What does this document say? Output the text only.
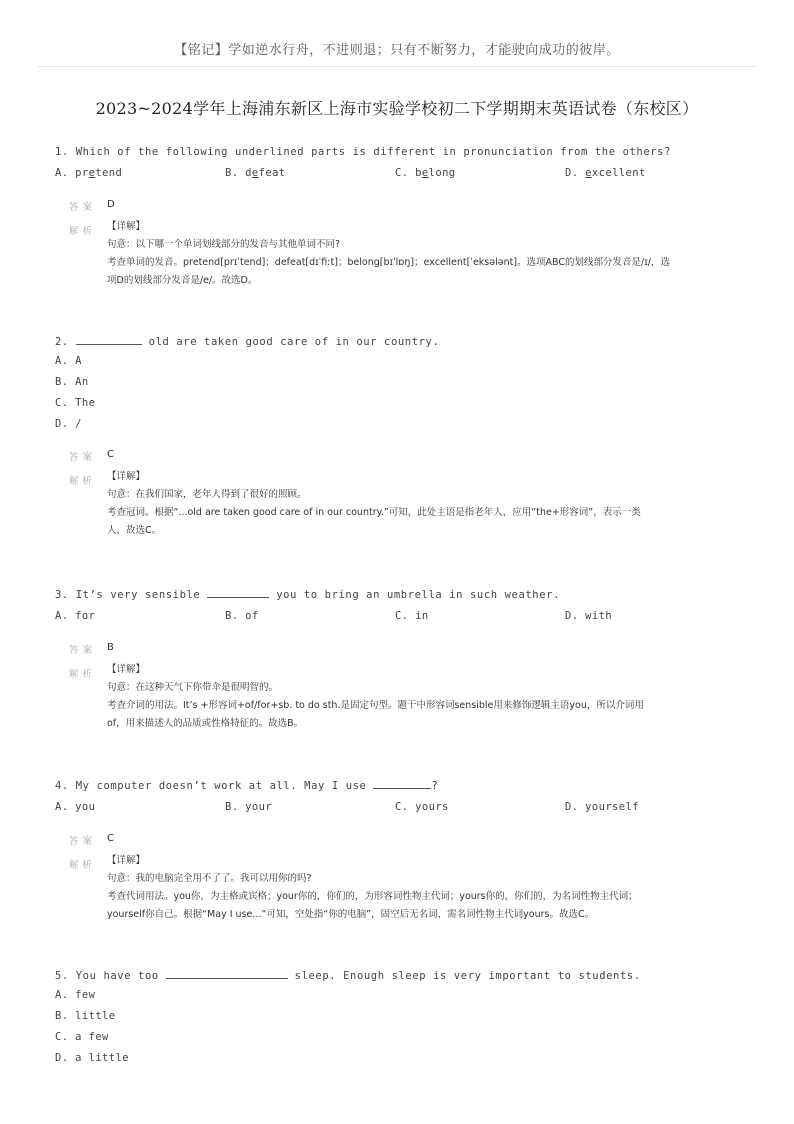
【铭记】学如逆水行舟，不进则退；只有不断努力，才能驶向成功的彼岸。
2023~2024学年上海浦东新区上海市实验学校初二下学期期末英语试卷（东校区）
1. Which of the following underlined parts is different in pronunciation from the others?
A. pretend	B. defeat	C. belong	D. excellent
答案 D
解析 【详解】
句意：以下哪一个单词划线部分的发音与其他单词不同?
考查单词的发音。pretend[prɪˈtend]；defeat[dɪˈfiːt]；belong[bɪˈlɒŋ]；excellent[ˈeksələnt]。选项ABC的划线部分发音是/ɪ/，选
项D的划线部分发音是/e/。故选D。
2.	old are taken good care of in our country.
A. A
B. An
C. The
D. /
答案 C
解析 【详解】
句意：在我们国家，老年人得到了很好的照顾。
考查冠词。根据“...old are taken good care of in our country.”可知，此处主语是指老年人，应用“the+形容词”，表示一类
人，故选C。
3. It’s very sensible	you to bring an umbrella in such weather.
A. for	B. of	C. in	D. with
答案 B
解析 【详解】
句意：在这种天气下你带伞是很明智的。
考查介词的用法。It’s +形容词+of/for+sb. to do sth.是固定句型。题干中形容词sensible用来修饰逻辑主语you，所以介词用
of，用来描述人的品质或性格特征的。故选B。
4. My computer doesn’t work at all. May I use	?
A. you	B. your	C. yours	D. yourself
答案 C
解析 【详解】
句意：我的电脑完全用不了了。我可以用你的吗?
考查代词用法。you你，为主格或宾格；your你的，你们的，为形容词性物主代词；yours你的，你们的，为名词性物主代词；
yourself你自己。根据“May I use...”可知，空处指“你的电脑”，固空后无名词，需名词性物主代词yours。故选C。
5. You have too	sleep. Enough sleep is very important to students.
A. few
B. little
C. a few
D. a little
